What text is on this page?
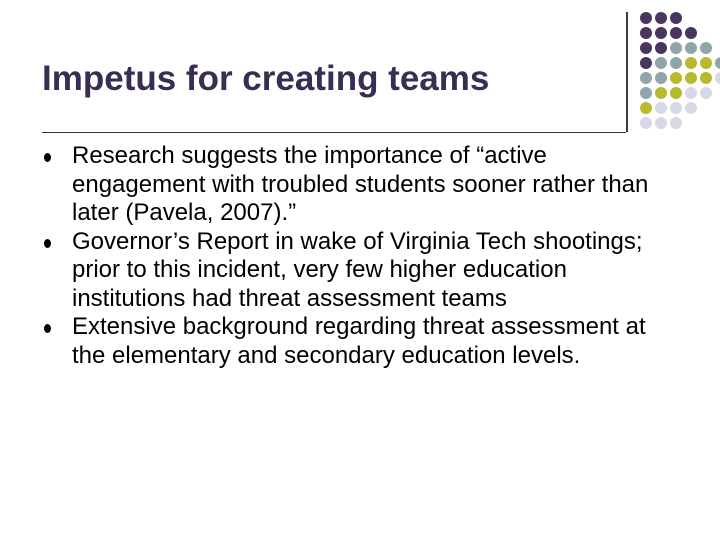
Impetus for creating teams
Research suggests the importance of “active engagement with troubled students sooner rather than later (Pavela, 2007).”
Governor’s Report in wake of Virginia Tech shootings; prior to this incident, very few higher education institutions had threat assessment teams
Extensive background regarding threat assessment at the elementary and secondary education levels.
